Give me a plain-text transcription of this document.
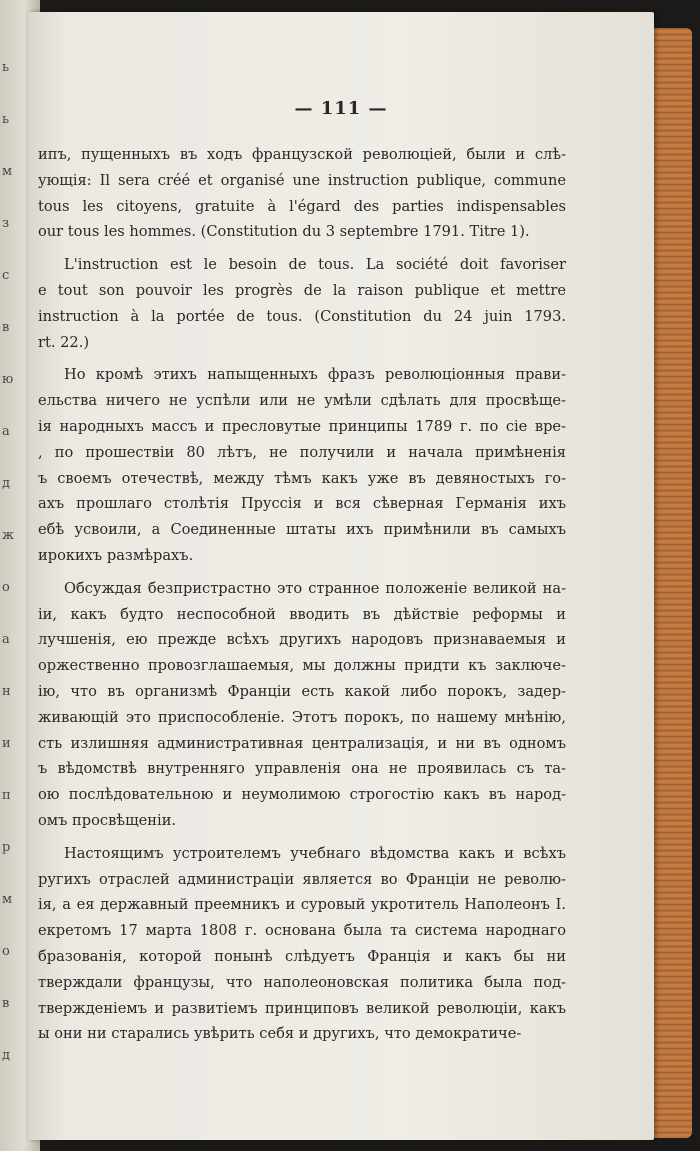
ь
ь
м
з
с
в
ю
а
д
ж
о
а
н
и
п
р
м
о
в
д
— 111 —
ипъ, пущенныхъ въ ходъ французской революцiей, были и слѣ-
ующiя: Il sera créé et organisé une instruction publique, commune
tous les citoyens, gratuite à l'égard des parties indispensables
our tous les hommes. (Constitution du 3 septembre 1791. Titre 1).
L'instruction est le besoin de tous. La société doit favoriser
e tout son pouvoir les progrès de la raison publique et mettre
instruction à la portée de tous. (Constitution du 24 juin 1793.
rt. 22.)
Но кромѣ этихъ напыщенныхъ фразъ революцiонныя прави-
ельства ничего не успѣли или не умѣли сдѣлать для просвѣще-
iя народныхъ массъ и пресловутые принципы 1789 г. по сiе вре-
, по прошествiи 80 лѣтъ, не получили и начала примѣненiя
ъ своемъ отечествѣ, между тѣмъ какъ уже въ девяностыхъ го-
ахъ прошлаго столѣтiя Пруссiя и вся сѣверная Германiя ихъ
ебѣ усвоили, а Соединенные штаты ихъ примѣнили въ самыхъ
ирокихъ размѣрахъ.
Обсуждая безпристрастно это странное положенiе великой на-
iи, какъ будто неспособной вводить въ дѣйствiе реформы и
лучшенiя, ею прежде всѣхъ другихъ народовъ признаваемыя и
оржественно провозглашаемыя, мы должны придти къ заключе-
iю, что въ организмѣ Францiи есть какой либо порокъ, задер-
живающiй это приспособленiе. Этотъ порокъ, по нашему мнѣнiю,
сть излишняя административная централизацiя, и ни въ одномъ
ъ вѣдомствѣ внутренняго управленiя она не проявилась съ та-
ою послѣдовательною и неумолимою строгостiю какъ въ народ-
омъ просвѣщенiи.
Настоящимъ устроителемъ учебнаго вѣдомства какъ и всѣхъ
ругихъ отраслей администрацiи является во Францiи не револю-
iя, а ея державный преемникъ и суровый укротитель Наполеонъ I.
екретомъ 17 марта 1808 г. основана была та система народнаго
бразованiя, которой понынѣ слѣдуетъ Францiя и какъ бы ни
тверждали французы, что наполеоновская политика была под-
твержденiемъ и развитiемъ принциповъ великой революцiи, какъ
ы они ни старались увѣрить себя и другихъ, что демократиче-
